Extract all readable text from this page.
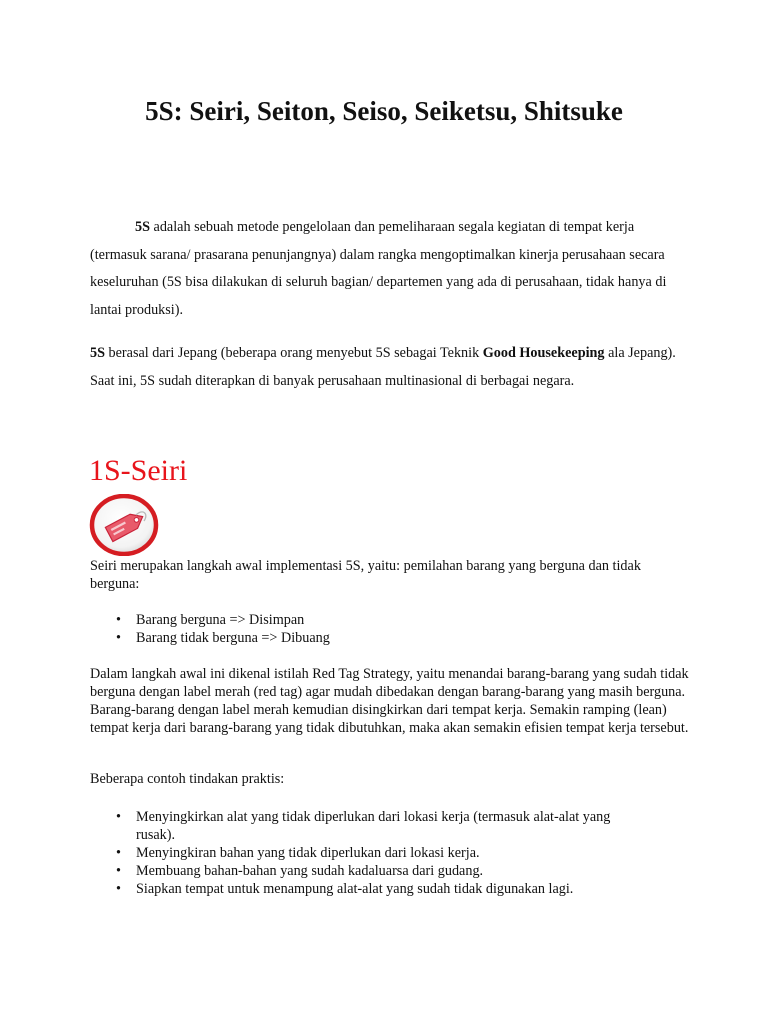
5S: Seiri, Seiton, Seiso, Seiketsu, Shitsuke

5S adalah sebuah metode pengelolaan dan pemeliharaan segala kegiatan di tempat kerja (termasuk sarana/ prasarana penunjangnya) dalam rangka mengoptimalkan kinerja perusahaan secara keseluruhan (5S bisa dilakukan di seluruh bagian/ departemen yang ada di perusahaan, tidak hanya di lantai produksi).

5S berasal dari Jepang (beberapa orang menyebut 5S sebagai Teknik Good Housekeeping ala Jepang). Saat ini, 5S sudah diterapkan di banyak perusahaan multinasional di berbagai negara.

1S-Seiri

Seiri merupakan langkah awal implementasi 5S, yaitu: pemilahan barang yang berguna dan tidak berguna:

• Barang berguna => Disimpan
• Barang tidak berguna => Dibuang

Dalam langkah awal ini dikenal istilah Red Tag Strategy, yaitu menandai barang-barang yang sudah tidak berguna dengan label merah (red tag) agar mudah dibedakan dengan barang-barang yang masih berguna. Barang-barang dengan label merah kemudian disingkirkan dari tempat kerja. Semakin ramping (lean) tempat kerja dari barang-barang yang tidak dibutuhkan, maka akan semakin efisien tempat kerja tersebut.

Beberapa contoh tindakan praktis:

• Menyingkirkan alat yang tidak diperlukan dari lokasi kerja (termasuk alat-alat yang rusak).
• Menyingkiran bahan yang tidak diperlukan dari lokasi kerja.
• Membuang bahan-bahan yang sudah kadaluarsa dari gudang.
• Siapkan tempat untuk menampung alat-alat yang sudah tidak digunakan lagi.
